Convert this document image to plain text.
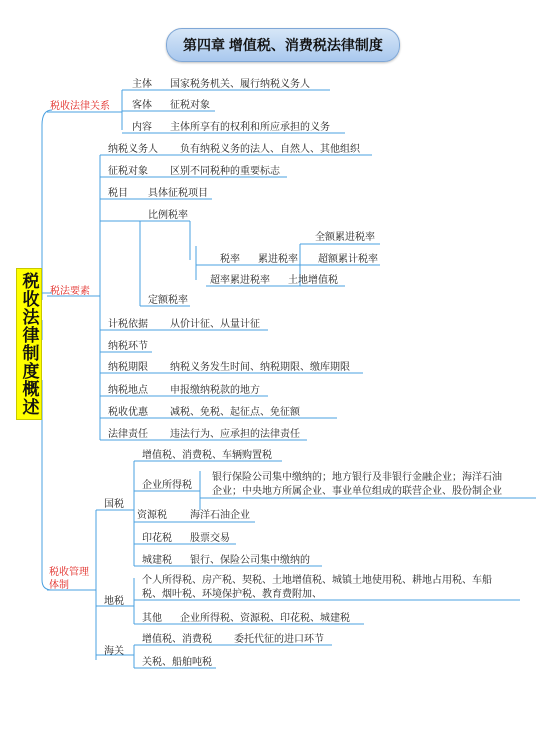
第四章 增值税、消费税法律制度
税收法律制度概述
税收法律关系
主体 国家税务机关、履行纳税义务人
客体 征税对象
内容 主体所享有的权利和所应承担的义务
税法要素
纳税义务人 负有纳税义务的法人、自然人、其他组织
征税对象 区别不同税种的重要标志
税目 具体征税项目
比例税率
全额累进税率
税率 累进税率 超额累计税率
超率累进税率 土地增值税
定额税率
计税依据 从价计征、从量计征
纳税环节
纳税期限 纳税义务发生时间、纳税期限、缴库期限
纳税地点 申报缴纳税款的地方
税收优惠 减税、免税、起征点、免征额
法律责任 违法行为、应承担的法律责任
税收管理体制
国税
增值税、消费税、车辆购置税
企业所得税
银行保险公司集中缴纳的；地方银行及非银行金融企业；海洋石油
企业；中央地方所属企业、事业单位组成的联营企业、股份制企业
资源税 海洋石油企业
印花税 股票交易
城建税 银行、保险公司集中缴纳的
地税
个人所得税、房产税、契税、土地增值税、城镇土地使用税、耕地占用税、车船
税、烟叶税、环境保护税、教育费附加、
其他 企业所得税、资源税、印花税、城建税
海关
增值税、消费税 委托代征的进口环节
关税、船舶吨税
